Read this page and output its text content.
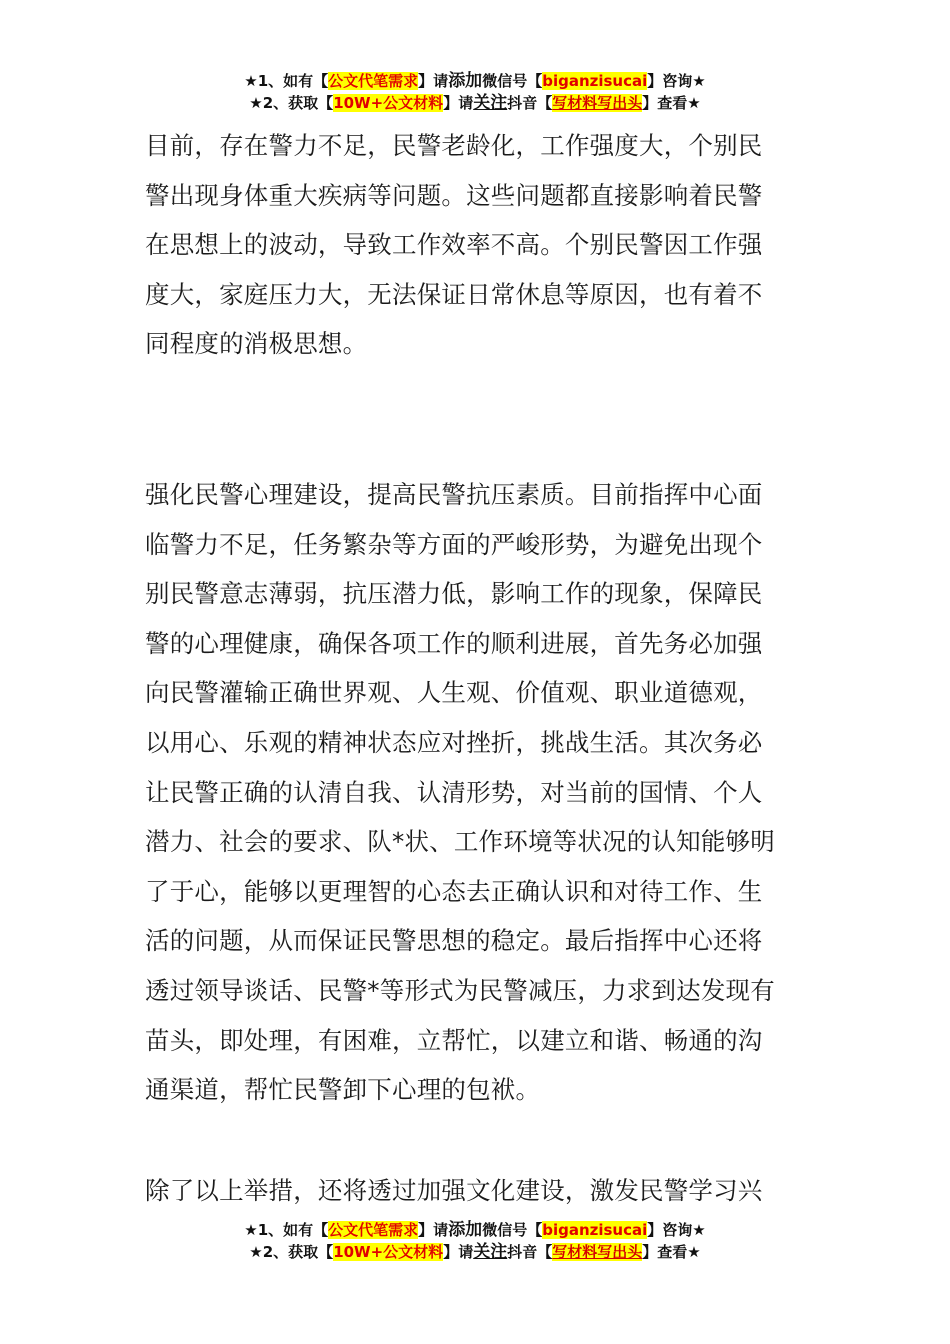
★1、如有【公文代笔需求】请添加微信号【biganzisucai】咨询★
★2、获取【10W+公文材料】请关注抖音【写材料写出头】查看★
目前，存在警力不足，民警老龄化，工作强度大，个别民
警出现身体重大疾病等问题。这些问题都直接影响着民警
在思想上的波动，导致工作效率不高。个别民警因工作强
度大，家庭压力大，无法保证日常休息等原因，也有着不
同程度的消极思想。
强化民警心理建设，提高民警抗压素质。目前指挥中心面
临警力不足，任务繁杂等方面的严峻形势，为避免出现个
别民警意志薄弱，抗压潜力低，影响工作的现象，保障民
警的心理健康，确保各项工作的顺利进展，首先务必加强
向民警灌输正确世界观、人生观、价值观、职业道德观，
以用心、乐观的精神状态应对挫折，挑战生活。其次务必
让民警正确的认清自我、认清形势，对当前的国情、个人
潜力、社会的要求、队*状、工作环境等状况的认知能够明
了于心，能够以更理智的心态去正确认识和对待工作、生
活的问题，从而保证民警思想的稳定。最后指挥中心还将
透过领导谈话、民警*等形式为民警减压，力求到达发现有
苗头，即处理，有困难，立帮忙，以建立和谐、畅通的沟
通渠道，帮忙民警卸下心理的包袱。
除了以上举措，还将透过加强文化建设，激发民警学习兴
★1、如有【公文代笔需求】请添加微信号【biganzisucai】咨询★
★2、获取【10W+公文材料】请关注抖音【写材料写出头】查看★
